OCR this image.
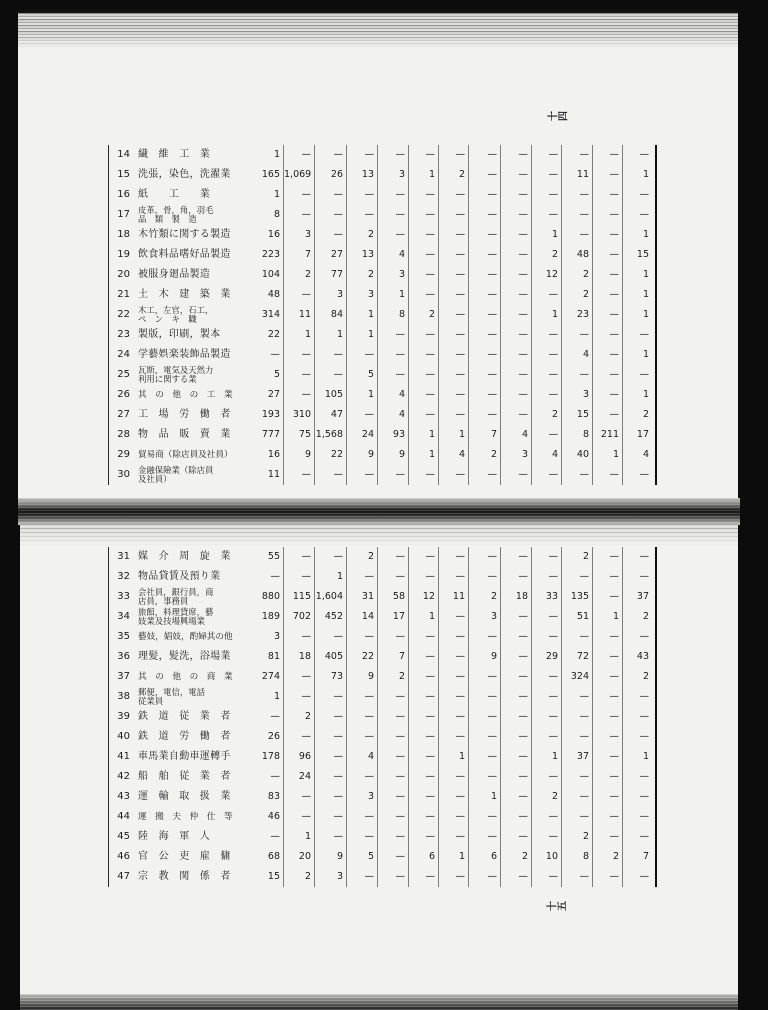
十四
十五
14 繊　維　工　業	1	—	—	—	—	—	—	—	—	—	—	—	—
15 洗張，染色，洗濯業	165 1,069	26	13	3	1	2	—	—	—	11	—	1
16 紙　　工　　業	1	—	—	—	—	—	—	—	—	—	—	—	—
17 皮革，骨，角，羽毛
品　類　製　造	8	—	—	—	—	—	—	—	—	—	—	—	—
18 木竹類に関する製造	16	3	—	2	—	—	—	—	—	1	—	—	1
19 飲食料品嗜好品製造	223	7	27	13	4	—	—	—	—	2	48	—	15
20 被服身廻品製造	104	2	77	2	3	—	—	—	—	12	2	—	1
21 土　木　建　築　業	48	—	3	3	1	—	—	—	—	—	2	—	1
22 木工，左官，石工，
ペ　ン　キ　職	314	11	84	1	8	2	—	—	—	1	23	—	1
23 製版，印刷，製本	22	1	1	1	—	—	—	—	—	—	—	—	—
24 学藝娯楽装飾品製造	—	—	—	—	—	—	—	—	—	—	4	—	1
25 瓦斯，電気及天然力
利用に関する業	5	—	—	5	—	—	—	—	—	—	—	—	—
26 其　の　他　の　工　業	27	—	105	1	4	—	—	—	—	—	3	—	1
27 工　場　労　働　者	193	310	47	—	4	—	—	—	—	2	15	—	2
28 物　品　販　賣　業	777	75 1,568	24	93	1	1	7	4	—	8	211	17
29 貿易商（除店員及社員）	16	9	22	9	9	1	4	2	3	4	40	1	4
30 金融保險業（除店員
及社員）	11	—	—	—	—	—	—	—	—	—	—	—	—
31 媒　介　周　旋　業	55	—	—	2	—	—	—	—	—	—	2	—	—
32 物品貸賃及預り業	—	—	1	—	—	—	—	—	—	—	—	—	—
33 会社員，銀行員，商
店員，事務員	880	115 1,604	31	58	12	11	2	18	33	135	—	37
34 旅館，料理貸席，藝
妓業及技場興場業	189	702	452	14	17	1	—	3	—	—	51	1	2
35 藝妓，娼妓，酌婦其の他	3	—	—	—	—	—	—	—	—	—	—	—	—
36 理髪，髪洗，浴場業	81	18	405	22	7	—	—	9	—	29	72	—	43
37 其　の　他　の　商　業	274	—	73	9	2	—	—	—	—	—	324	—	2
38 郵便，電信，電話
従業員	1	—	—	—	—	—	—	—	—	—	—	—	—
39 鉄　道　従　業　者	—	2	—	—	—	—	—	—	—	—	—	—	—
40 鉄　道　労　働　者	26	—	—	—	—	—	—	—	—	—	—	—	—
41 車馬業自動車運轉手	178	96	—	4	—	—	1	—	—	1	37	—	1
42 船　舶　従　業　者	—	24	—	—	—	—	—	—	—	—	—	—	—
43 運　輸　取　扱　業	83	—	—	3	—	—	—	1	—	2	—	—	—
44 運　搬　夫　仲　仕　等	46	—	—	—	—	—	—	—	—	—	—	—	—
45 陸　海　軍　人	—	1	—	—	—	—	—	—	—	—	2	—	—
46 官　公　吏　雇　傭	68	20	9	5	—	6	1	6	2	10	8	2	7
47 宗　教　関　係　者	15	2	3	—	—	—	—	—	—	—	—	—	—
